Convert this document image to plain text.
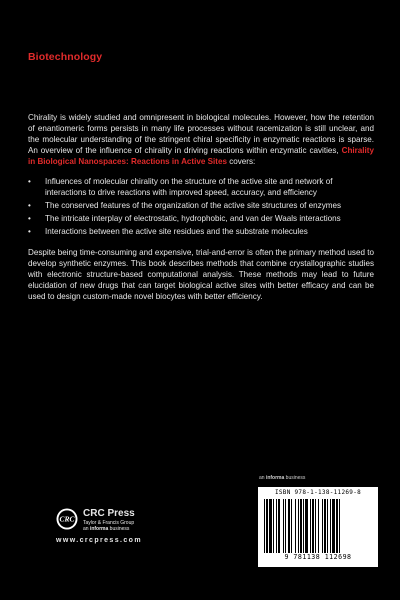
Biotechnology

Chirality is widely studied and omnipresent in biological molecules. However, how the retention of enantiomeric forms persists in many life processes without racemization is still unclear, and the molecular understanding of the stringent chiral specificity in enzymatic reactions is sparse. An overview of the influence of chirality in driving reactions within enzymatic cavities, Chirality in Biological Nanospaces: Reactions in Active Sites covers:

• Influences of molecular chirality on the structure of the active site and network of interactions to drive reactions with improved speed, accuracy, and efficiency
• The conserved features of the organization of the active site structures of enzymes
• The intricate interplay of electrostatic, hydrophobic, and van der Waals interactions
• Interactions between the active site residues and the substrate molecules

Despite being time-consuming and expensive, trial-and-error is often the primary method used to develop synthetic enzymes. This book describes methods that combine crystallographic studies with electronic structure-based computational analysis. These methods may lead to future elucidation of new drugs that can target biological active sites with better efficacy and can be used to design custom-made novel biocytes with better efficiency.

an informa business
ISBN 978-1-138-11269-8
9 781138 112698
CRC
CRC Press
Taylor & Francis Group
an informa business
www.crcpress.com
